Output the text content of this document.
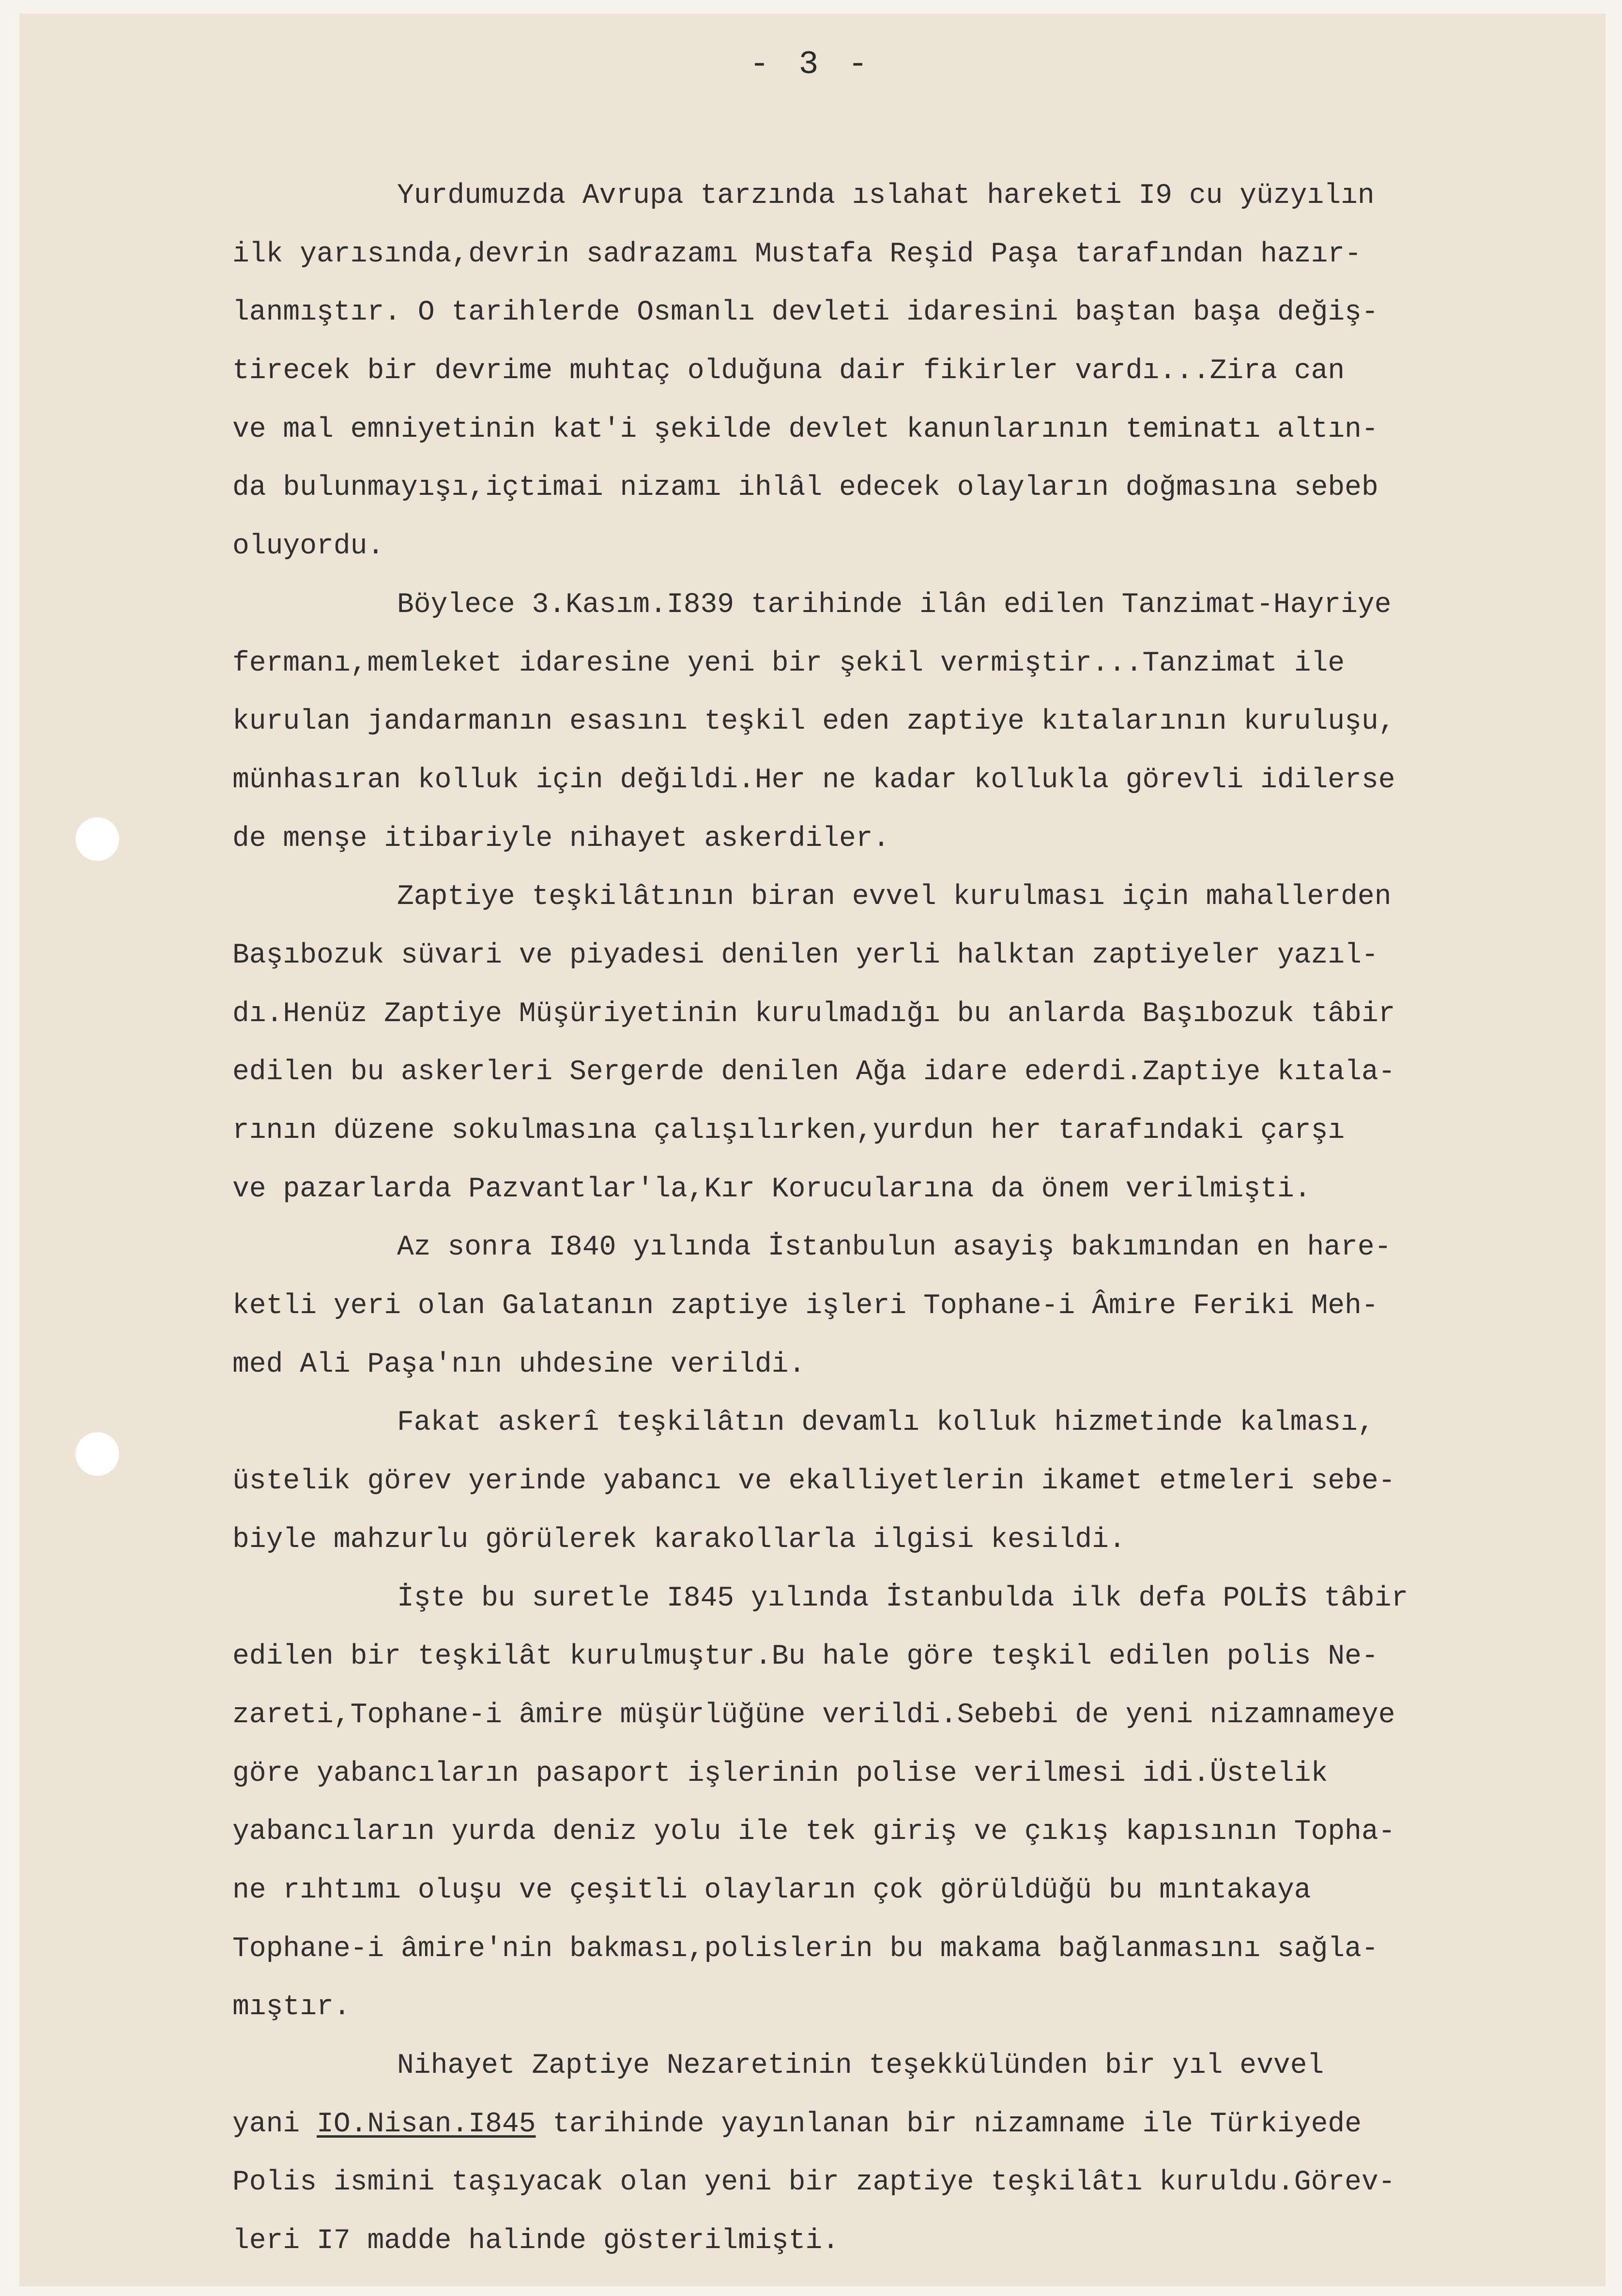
- 3 -
Yurdumuzda Avrupa tarzında ıslahat hareketi I9 cu yüzyılın
ilk yarısında,devrin sadrazamı Mustafa Reşid Paşa tarafından hazır-
lanmıştır. O tarihlerde Osmanlı devleti idaresini baştan başa değiş-
tirecek bir devrime muhtaç olduğuna dair fikirler vardı...Zira can
ve mal emniyetinin kat'i şekilde devlet kanunlarının teminatı altın-
da bulunmayışı,içtimai nizamı ihlâl edecek olayların doğmasına sebeb
oluyordu.
Böylece 3.Kasım.I839 tarihinde ilân edilen Tanzimat-Hayriye
fermanı,memleket idaresine yeni bir şekil vermiştir...Tanzimat ile
kurulan jandarmanın esasını teşkil eden zaptiye kıtalarının kuruluşu,
münhasıran kolluk için değildi.Her ne kadar kollukla görevli idilerse
de menşe itibariyle nihayet askerdiler.
Zaptiye teşkilâtının biran evvel kurulması için mahallerden
Başıbozuk süvari ve piyadesi denilen yerli halktan zaptiyeler yazıl-
dı.Henüz Zaptiye Müşüriyetinin kurulmadığı bu anlarda Başıbozuk tâbir
edilen bu askerleri Sergerde denilen Ağa idare ederdi.Zaptiye kıtala-
rının düzene sokulmasına çalışılırken,yurdun her tarafındaki çarşı
ve pazarlarda Pazvantlar'la,Kır Korucularına da önem verilmişti.
Az sonra I840 yılında İstanbulun asayiş bakımından en hare-
ketli yeri olan Galatanın zaptiye işleri Tophane-i Âmire Feriki Meh-
med Ali Paşa'nın uhdesine verildi.
Fakat askerî teşkilâtın devamlı kolluk hizmetinde kalması,
üstelik görev yerinde yabancı ve ekalliyetlerin ikamet etmeleri sebe-
biyle mahzurlu görülerek karakollarla ilgisi kesildi.
İşte bu suretle I845 yılında İstanbulda ilk defa POLİS tâbir
edilen bir teşkilât kurulmuştur.Bu hale göre teşkil edilen polis Ne-
zareti,Tophane-i âmire müşürlüğüne verildi.Sebebi de yeni nizamnameye
göre yabancıların pasaport işlerinin polise verilmesi idi.Üstelik
yabancıların yurda deniz yolu ile tek giriş ve çıkış kapısının Topha-
ne rıhtımı oluşu ve çeşitli olayların çok görüldüğü bu mıntakaya
Tophane-i âmire'nin bakması,polislerin bu makama bağlanmasını sağla-
mıştır.
Nihayet Zaptiye Nezaretinin teşekkülünden bir yıl evvel
yani IO.Nisan.I845 tarihinde yayınlanan bir nizamname ile Türkiyede
Polis ismini taşıyacak olan yeni bir zaptiye teşkilâtı kuruldu.Görev-
leri I7 madde halinde gösterilmişti.
